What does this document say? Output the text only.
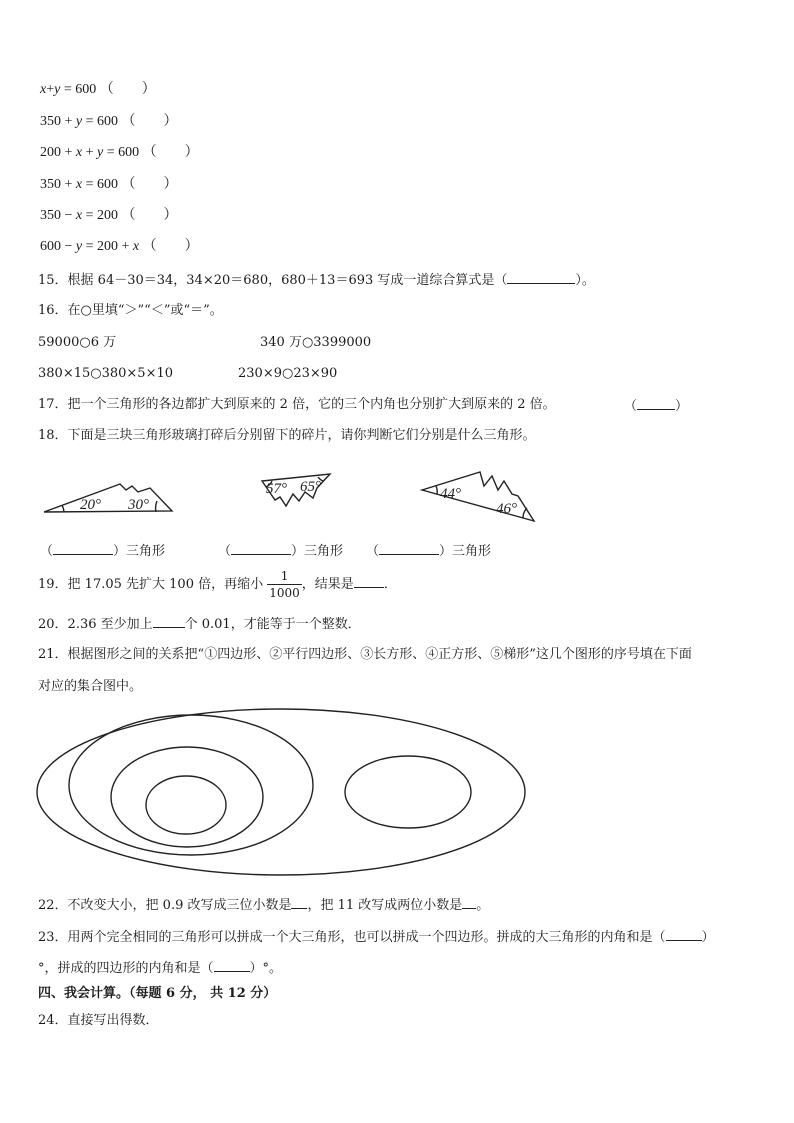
x+y = 600 （　　）
350 + y = 600 （　　）
200 + x + y = 600 （　　）
350 + x = 600 （　　）
350 − x = 200 （　　）
600 − y = 200 + x （　　）
15．根据 64－30＝34，34×20＝680，680＋13＝693 写成一道综合算式是（	）。
16．在○里填“＞”“＜”或“＝”。
59000○6 万	340 万○3399000
380×15○380×5×10	230×9○23×90
17．把一个三角形的各边都扩大到原来的 2 倍，它的三个内角也分别扩大到原来的 2 倍。	（	）
18．下面是三块三角形玻璃打碎后分别留下的碎片，请你判断它们分别是什么三角形。
20° 30°
57° 65°	44°
46°
（	）三角形	（	）三角形 （	）三角形
19．把 17.05 先扩大 100 倍，再缩小 $\frac{1}{1000}$ ，结果是 ．
20．2.36 至少加上 个 0.01，才能等于一个整数．
21．根据图形之间的关系把“①四边形、②平行四边形、③长方形、④正方形、⑤梯形”这几个图形的序号填在下面
对应的集合图中。
22．不改变大小，把 0.9 改写成三位小数是 ，把 11 改写成两位小数是 。
23．用两个完全相同的三角形可以拼成一个大三角形，也可以拼成一个四边形。拼成的大三角形的内角和是（	）
°，拼成的四边形的内角和是（	）°。
四、我会计算。（每题 6 分， 共 12 分）
24．直接写出得数．
